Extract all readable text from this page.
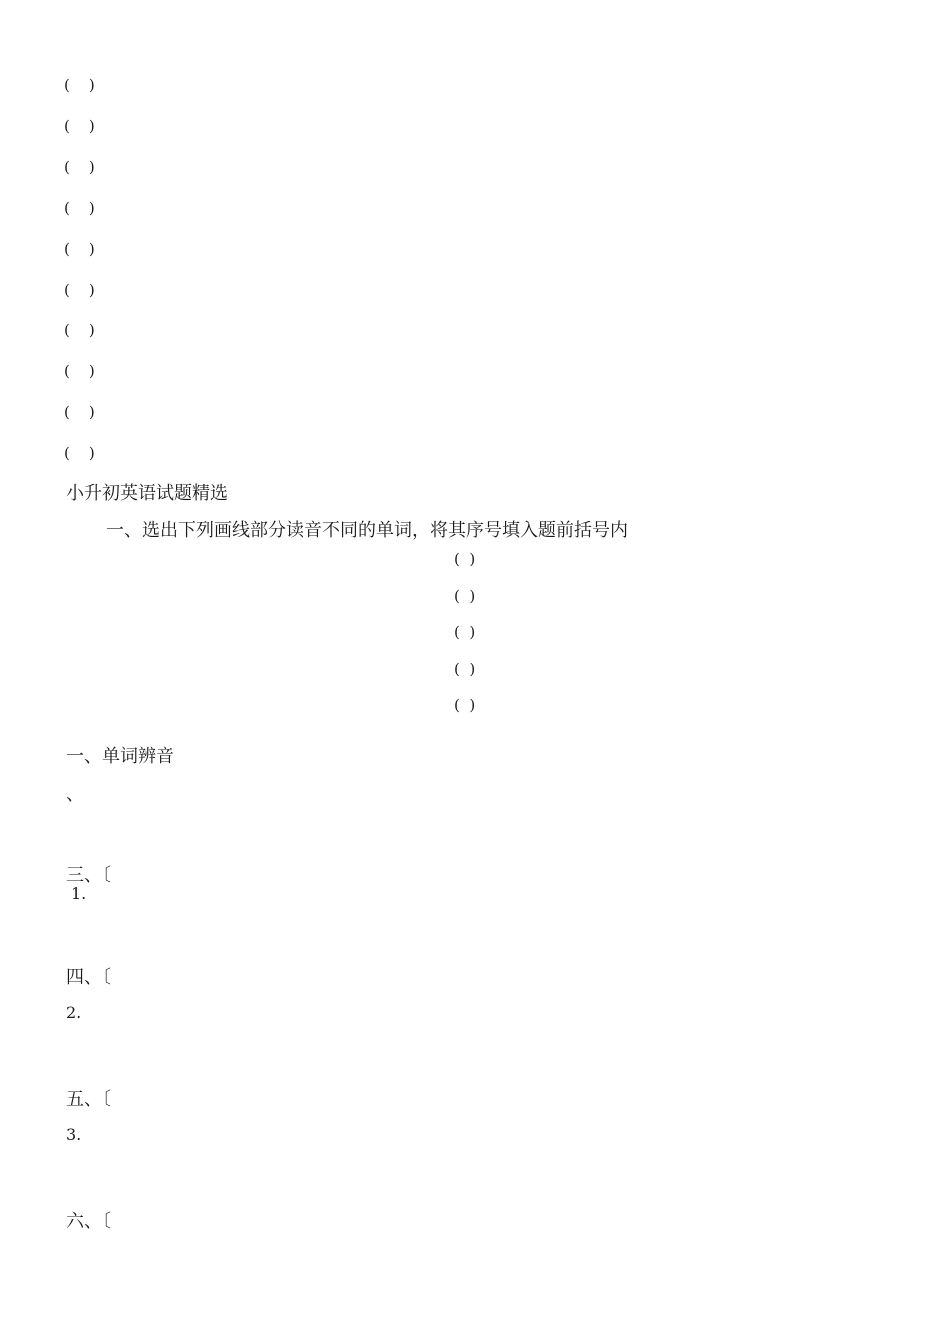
(    )
(    )
(    )
(    )
(    )
(    )
(    )
(    )
(    )
(    )
小升初英语试题精选
一、选出下列画线部分读音不同的单词，将其序号填入题前括号内
(  )
(  )
(  )
(  )
(  )
一、单词辨音
、
三、〔
1.
四、〔
2.
五、〔
3.
六、〔
